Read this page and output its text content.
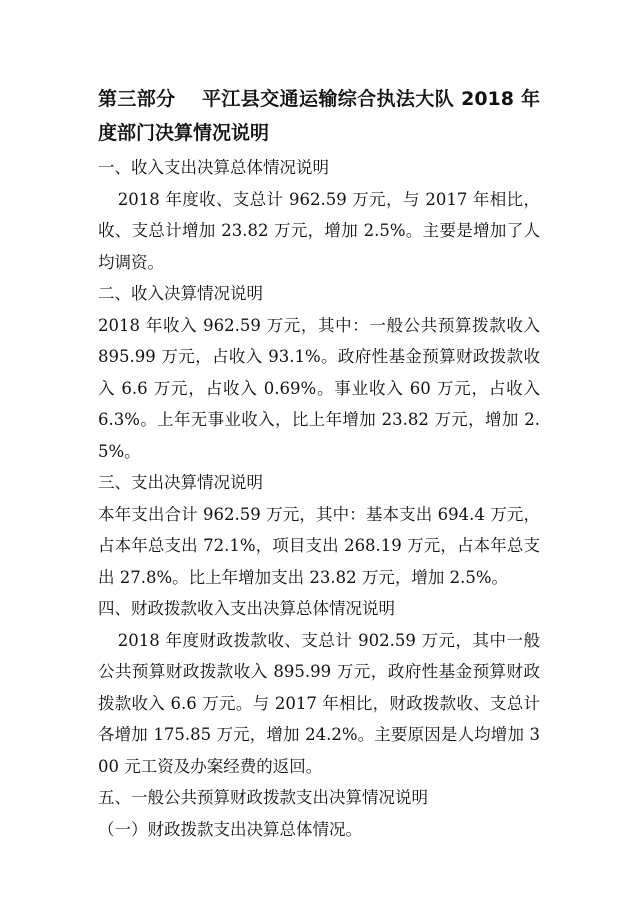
第三部分　 平江县交通运输综合执法大队 2018 年度部门决算情况说明

一、收入支出决算总体情况说明

2018 年度收、支总计 962.59 万元，与 2017 年相比，收、支总计增加 23.82 万元，增加 2.5%。主要是增加了人均调资。

二、收入决算情况说明

2018 年收入 962.59 万元，其中：一般公共预算拨款收入 895.99 万元，占收入 93.1%。政府性基金预算财政拨款收入 6.6 万元，占收入 0.69%。事业收入 60 万元，占收入 6.3%。上年无事业收入，比上年增加 23.82 万元，增加 2.5%。

三、支出决算情况说明

本年支出合计 962.59 万元，其中：基本支出 694.4 万元，占本年总支出 72.1%，项目支出 268.19 万元，占本年总支出 27.8%。比上年增加支出 23.82 万元，增加 2.5%。

四、财政拨款收入支出决算总体情况说明

2018 年度财政拨款收、支总计 902.59 万元，其中一般公共预算财政拨款收入 895.99 万元，政府性基金预算财政拨款收入 6.6 万元。与 2017 年相比，财政拨款收、支总计各增加 175.85 万元，增加 24.2%。主要原因是人均增加 300 元工资及办案经费的返回。

五、一般公共预算财政拨款支出决算情况说明

（一）财政拨款支出决算总体情况。
